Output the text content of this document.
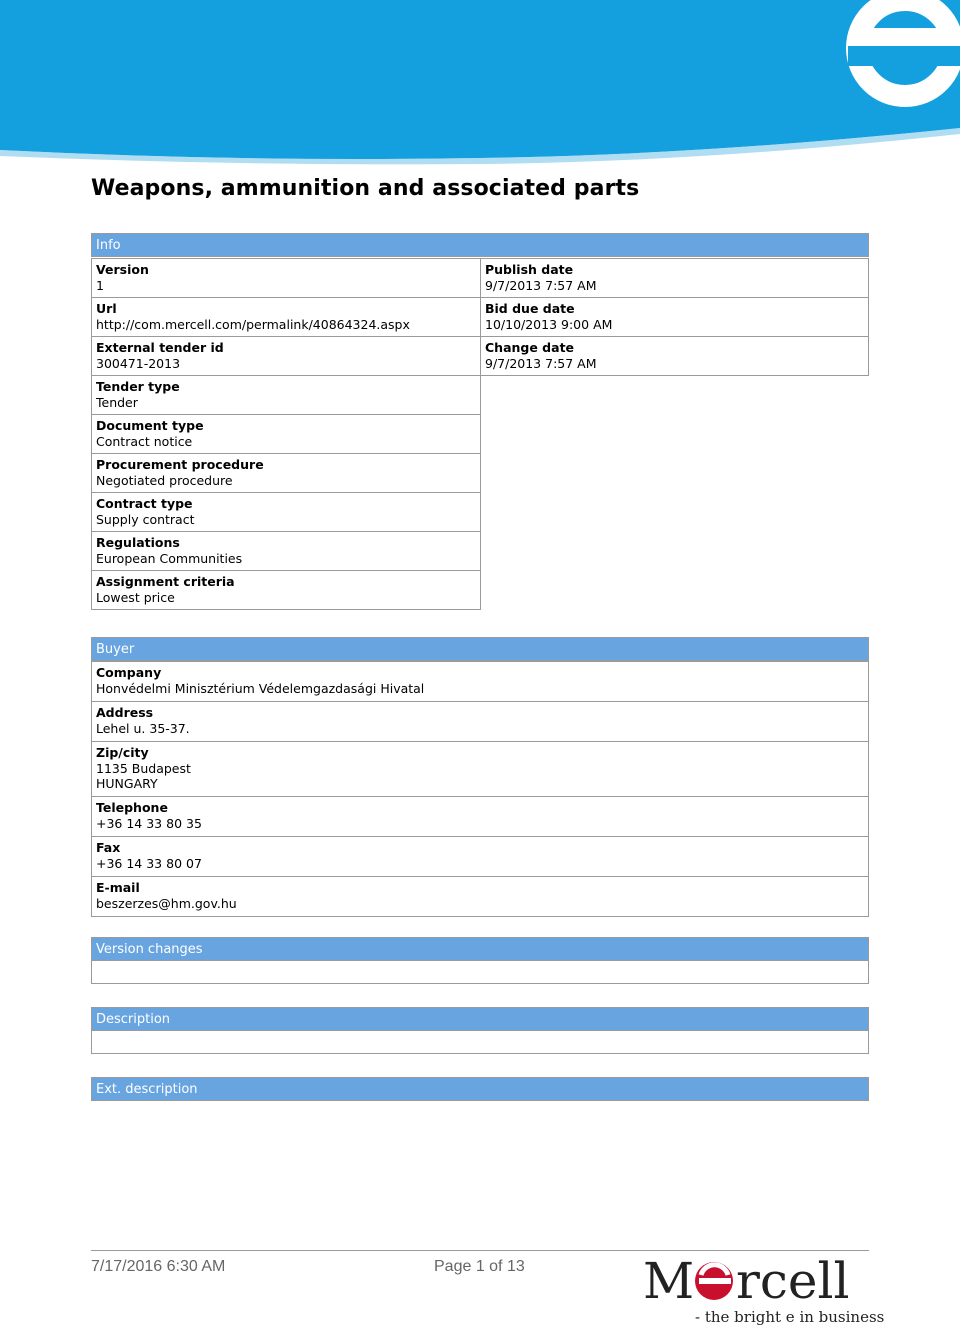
Weapons, ammunition and associated parts
Info
Version
1
Url
http://com.mercell.com/permalink/40864324.aspx
External tender id
300471-2013
Tender type
Tender
Document type
Contract notice
Procurement procedure
Negotiated procedure
Contract type
Supply contract
Regulations
European Communities
Assignment criteria
Lowest price
Publish date
9/7/2013 7:57 AM
Bid due date
10/10/2013 9:00 AM
Change date
9/7/2013 7:57 AM
Buyer
Company
Honvédelmi Minisztérium Védelemgazdasági Hivatal
Address
Lehel u. 35-37.
Zip/city
1135 Budapest
HUNGARY
Telephone
+36 14 33 80 35
Fax
+36 14 33 80 07
E-mail
beszerzes@hm.gov.hu
Version changes
Description
Ext. description
7/17/2016 6:30 AM	Page 1 of 13 M rcell
- the bright e in business
